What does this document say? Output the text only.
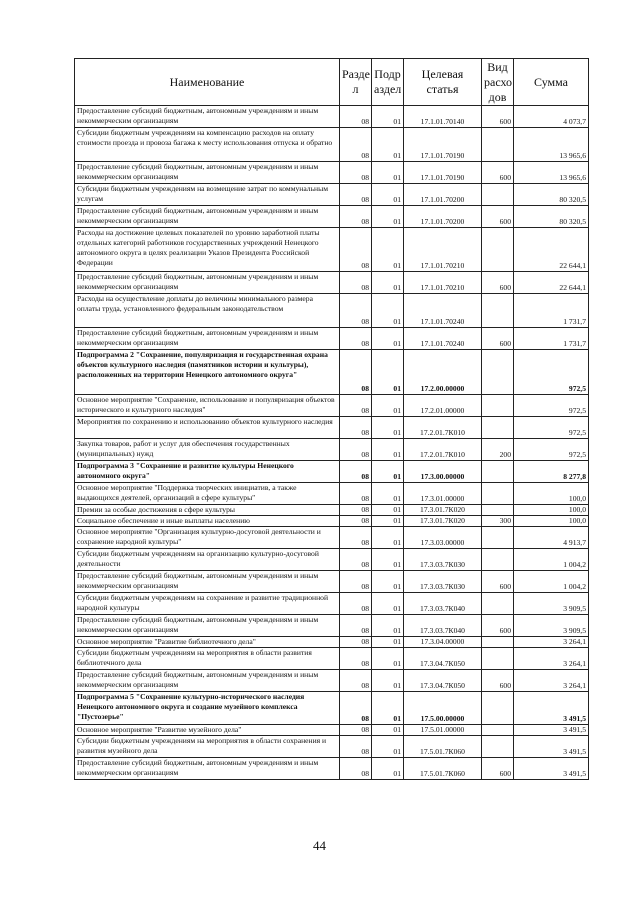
Наименование	Разде л	Подр аздел	Целевая статья	Вид расхо дов	Сумма
Предоставление субсидий бюджетным, автономным учреждениям и иным некоммерческим организациям	08	01	17.1.01.70140	600	4 073,7
Субсидии бюджетным учреждениям на компенсацию расходов на оплату стоимости проезда и провоза багажа к месту использования отпуска и обратно	08	01	17.1.01.70190		13 965,6
Предоставление субсидий бюджетным, автономным учреждениям и иным некоммерческим организациям	08	01	17.1.01.70190	600	13 965,6
Субсидии бюджетным учреждениям на возмещение затрат по коммунальным услугам	08	01	17.1.01.70200		80 320,5
Предоставление субсидий бюджетным, автономным учреждениям и иным некоммерческим организациям	08	01	17.1.01.70200	600	80 320,5
Расходы на достижение целевых показателей по уровню заработной платы отдельных категорий работников государственных учреждений Ненецкого автономного округа в целях реализации Указов Президента Российской Федерации	08	01	17.1.01.70210		22 644,1
Предоставление субсидий бюджетным, автономным учреждениям и иным некоммерческим организациям	08	01	17.1.01.70210	600	22 644,1
Расходы на осуществление доплаты до величины минимального размера оплаты труда, установленного федеральным законодательством	08	01	17.1.01.70240		1 731,7
Предоставление субсидий бюджетным, автономным учреждениям и иным некоммерческим организациям	08	01	17.1.01.70240	600	1 731,7
Подпрограмма 2 "Сохранение, популяризация и государственная охрана объектов культурного наследия (памятников истории и культуры), расположенных на территории Ненецкого автономного округа"	08	01	17.2.00.00000		972,5
Основное мероприятие "Сохранение, использование и популяризация объектов исторического и культурного наследия"	08	01	17.2.01.00000		972,5
Мероприятия по сохранению и использованию объектов культурного наследия	08	01	17.2.01.7К010		972,5
Закупка товаров, работ и услуг для обеспечения государственных (муниципальных) нужд	08	01	17.2.01.7К010	200	972,5
Подпрограмма 3 "Сохранение и развитие культуры Ненецкого автономного округа"	08	01	17.3.00.00000		8 277,8
Основное мероприятие "Поддержка творческих инициатив, а также выдающихся деятелей, организаций в сфере культуры"	08	01	17.3.01.00000		100,0
Премии за особые достижения в сфере культуры	08	01	17.3.01.7К020		100,0
Социальное обеспечение и иные выплаты населению	08	01	17.3.01.7К020	300	100,0
Основное мероприятие "Организация культурно-досуговой деятельности и сохранение народной культуры"	08	01	17.3.03.00000		4 913,7
Субсидии бюджетным учреждениям на организацию культурно-досуговой деятельности	08	01	17.3.03.7К030		1 004,2
Предоставление субсидий бюджетным, автономным учреждениям и иным некоммерческим организациям	08	01	17.3.03.7К030	600	1 004,2
Субсидии бюджетным учреждениям на сохранение и развитие традиционной народной культуры	08	01	17.3.03.7К040		3 909,5
Предоставление субсидий бюджетным, автономным учреждениям и иным некоммерческим организациям	08	01	17.3.03.7К040	600	3 909,5
Основное мероприятие "Развитие библиотечного дела"	08	01	17.3.04.00000		3 264,1
Субсидии бюджетным учреждениям на мероприятия в области развития библиотечного дела	08	01	17.3.04.7К050		3 264,1
Предоставление субсидий бюджетным, автономным учреждениям и иным некоммерческим организациям	08	01	17.3.04.7К050	600	3 264,1
Подпрограмма 5 "Сохранение культурно-исторического наследия Ненецкого автономного округа и создание музейного комплекса "Пустозерье"	08	01	17.5.00.00000		3 491,5
Основное мероприятие "Развитие музейного дела"	08	01	17.5.01.00000		3 491,5
Субсидии бюджетным учреждениям на мероприятия в области сохранения и развития музейного дела	08	01	17.5.01.7К060		3 491,5
Предоставление субсидий бюджетным, автономным учреждениям и иным некоммерческим организациям	08	01	17.5.01.7К060	600	3 491,5
44
